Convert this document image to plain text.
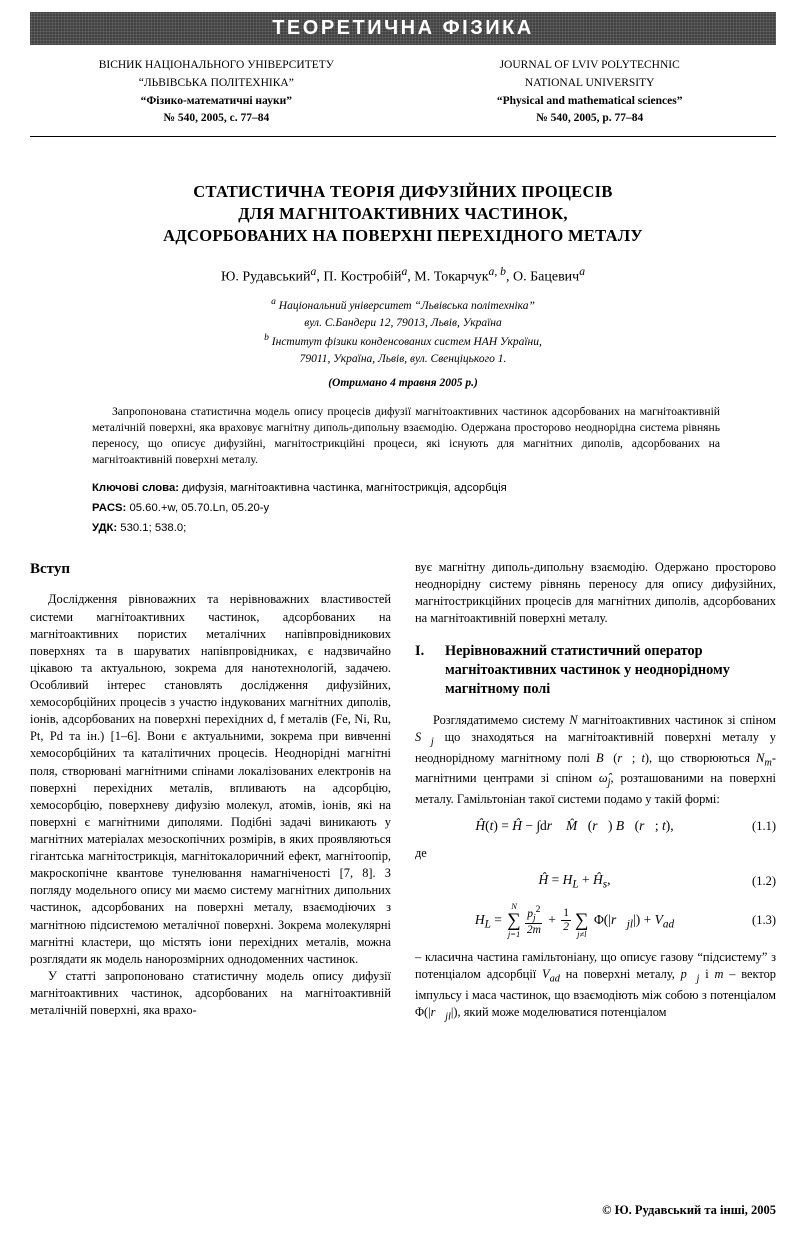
ТЕОРЕТИЧНА ФІЗИКА
ВІСНИК НАЦІОНАЛЬНОГО УНІВЕРСИТЕТУ
“ЛЬВІВСЬКА ПОЛІТЕХНІКА”
“Фізико-математичні науки”
№ 540, 2005, с. 77–84
JOURNAL OF LVIV POLYTECHNIC
NATIONAL UNIVERSITY
“Physical and mathematical sciences”
№ 540, 2005, p. 77–84
СТАТИСТИЧНА ТЕОРІЯ ДИФУЗІЙНИХ ПРОЦЕСІВ
ДЛЯ МАГНІТОАКТИВНИХ ЧАСТИНОК,
АДСОРБОВАНИХ НА ПОВЕРХНІ ПЕРЕХІДНОГО МЕТАЛУ
Ю. Рудавський$^a$, П. Костробій$^a$, М. Токарчук$^{a, b}$, О. Бацевич$^a$
$^a$ Національний університет “Львівська політехніка”
вул. С.Бандери 12, 79013, Львів, Україна
$^b$ Інститут фізики конденсованих систем НАН України,
79011, Україна, Львів, вул. Свенціцького 1.
(Отримано 4 травня 2005 р.)
Запропонована статистична модель опису процесів дифузії магнітоактивних частинок адсорбованих на магнітоактивній металічній поверхні, яка враховує магнітну диполь-дипольну взаємодію. Одержана просторово неоднорідна система рівнянь переносу, що описує дифузійні, магнітострикційні процеси, які існують для магнітних диполів, адсорбованих на магнітоактивній поверхні металу.
Ключові слова: дифузія, магнітоактивна частинка, магнітострикція, адсорбція
PACS: 05.60.+w, 05.70.Ln, 05.20-y
УДК: 530.1; 538.0;
Вступ

Дослідження рівноважних та нерівноважних властивостей системи магнітоактивних частинок, адсорбованих на магнітоактивних пористих металічних напівпровідникових поверхнях та в шаруватих напівпровідниках, є надзвичайно цікавою та актуальною, зокрема для нанотехнологій, задачею. Особливий інтерес становлять дослідження дифузійних, хемосорбційних процесів з участю індукованих магнітних диполів, іонів, адсорбованих на поверхні перехідних d, f металів (Fe, Ni, Ru, Pt, Pd та ін.) [1–6]. Вони є актуальними, зокрема при вивченні хемосорбційних та каталітичних процесів. Неоднорідні магнітні поля, створювані магнітними спінами локалізованих електронів на поверхні перехідних металів, впливають на адсорбцію, хемосорбцію, поверхневу дифузію молекул, атомів, іонів, які на поверхні є магнітними диполями. Подібні задачі виникають у магнітних матеріалах мезоскопічних розмірів, в яких проявляються гігантська магнітострикція, магнітокалоричний ефект, магнітоопір, макроскопічне квантове тунелювання намагніченості [7, 8]. З погляду модельного опису ми маємо систему магнітних дипольних частинок, адсорбованих на поверхні металу, взаємодіючих з магнітною підсистемою металічної поверхні. Зокрема молекулярні магнітні кластери, що містять іони перехідних металів, можна розглядати як модель нанорозмірних однодоменних частинок.

У статті запропоновано статистичну модель опису дифузії магнітоактивних частинок, адсорбованих на магнітоактивній металічній поверхні, яка врахо-

вує магнітну диполь-дипольну взаємодію. Одержано просторово неоднорідну систему рівнянь переносу для опису дифузійних, магнітострикційних процесів для магнітних диполів, адсорбованих на магнітоактивній поверхні металу.

I.	Нерівноважний статистичний оператор магнітоактивних частинок у неоднорідному магнітному полі

Розглядатимемо систему N магнітоактивних частинок зі спіном $S⃗_j$ що знаходяться на магнітоактивній поверхні металу у неоднорідному магнітному полі B⃗(r⃗; t), що створюються $N_m-$ магнітними центрами зі спіном $\omegâ_j$, розташованими на поверхні металу. Гамільтоніан такої системи подамо у такій формі:

Ĥ(t) = Ĥ − ∫dr⃗ M̂⃗(r⃗) B⃗(r⃗; t),	(1.1)

де

Ĥ = $H_L$ + $Ĥ_s$,	(1.2)
$H_L$ =
N
∑
$j=1 \frac{p_j^2}{2m} + \frac{1}{2}$ ∑
j≠l
$\Phi(|r⃗_{jl}|) + V_{ad}$	(1.3)

– класична частина гамільтоніану, що описує газову “підсистему” з потенціалом адсорбції $V_{ad}$ на поверхні металу, $p⃗_j$ і m – вектор імпульсу і маса частинок, що взаємодіють між собою з потенціалом $\Phi(|r⃗_{jl}|)$, який може моделюватися потенціалом

© Ю. Рудавський та інші, 2005
